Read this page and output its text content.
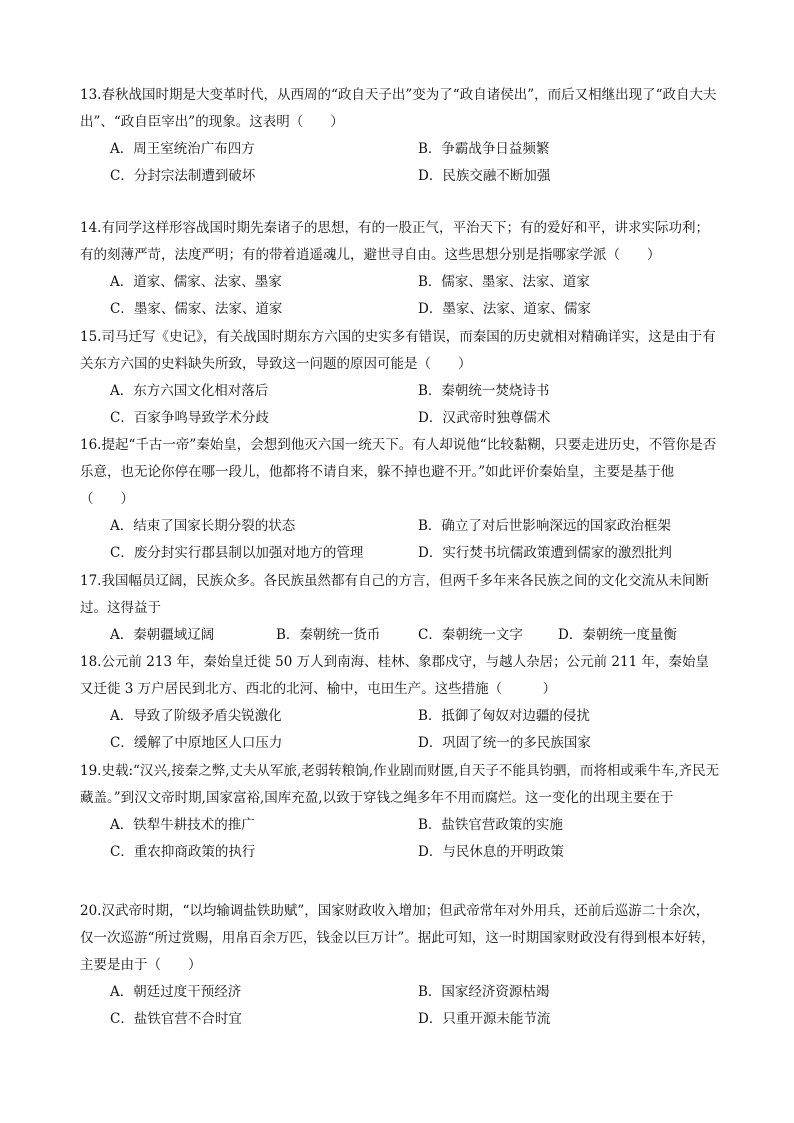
13.春秋战国时期是大变革时代，从西周的“政自天子出”变为了“政自诸侯出”，而后又相继出现了“政自大夫出”、“政自臣宰出”的现象。这表明（　　）
A．周王室统治广布四方	B．争霸战争日益频繁
C．分封宗法制遭到破坏	D．民族交融不断加强
14.有同学这样形容战国时期先秦诸子的思想，有的一股正气，平治天下；有的爱好和平，讲求实际功利；有的刻薄严苛，法度严明；有的带着逍遥魂儿，避世寻自由。这些思想分别是指哪家学派（　　）
A．道家、儒家、法家、墨家	B．儒家、墨家、法家、道家
C．墨家、儒家、法家、道家	D．墨家、法家、道家、儒家
15.司马迁写《史记》，有关战国时期东方六国的史实多有错误，而秦国的历史就相对精确详实，这是由于有关东方六国的史料缺失所致，导致这一问题的原因可能是（　　）
A．东方六国文化相对落后	B．秦朝统一焚烧诗书
C．百家争鸣导致学术分歧	D．汉武帝时独尊儒术
16.提起“千古一帝”秦始皇，会想到他灭六国一统天下。有人却说他“比较黏糊，只要走进历史，不管你是否乐意，也无论你停在哪一段儿，他都将不请自来，躲不掉也避不开。”如此评价秦始皇，主要是基于他（　　）
A．结束了国家长期分裂的状态	B．确立了对后世影响深远的国家政治框架
C．废分封实行郡县制以加强对地方的管理	D．实行焚书坑儒政策遭到儒家的激烈批判
17.我国幅员辽阔，民族众多。各民族虽然都有自己的方言，但两千多年来各民族之间的文化交流从未间断过。这得益于
A．秦朝疆域辽阔	B．秦朝统一货币	C．秦朝统一文字	D．秦朝统一度量衡
18.公元前 213 年，秦始皇迁徙 50 万人到南海、桂林、象郡戍守，与越人杂居；公元前 211 年，秦始皇又迁徙 3 万户居民到北方、西北的北河、榆中，屯田生产。这些措施（　　　）
A．导致了阶级矛盾尖锐激化	B．抵御了匈奴对边疆的侵扰
C．缓解了中原地区人口压力	D．巩固了统一的多民族国家
19.史载:“汉兴,接秦之弊,丈夫从军旅,老弱转粮饷,作业剧而财匮,自天子不能具钧驷，而将相或乘牛车,齐民无藏盖。”到汉文帝时期,国家富裕,国库充盈,以致于穿钱之绳多年不用而腐烂。这一变化的出现主要在于
A．铁犁牛耕技术的推广	B．盐铁官营政策的实施
C．重农抑商政策的执行	D．与民休息的开明政策
20.汉武帝时期，“以均输调盐铁助赋”，国家财政收入增加；但武帝常年对外用兵，还前后巡游二十余次，仅一次巡游“所过赏赐，用帛百余万匹，钱金以巨万计”。据此可知，这一时期国家财政没有得到根本好转，主要是由于（　　）
A．朝廷过度干预经济	B．国家经济资源枯竭
C．盐铁官营不合时宜	D．只重开源未能节流
